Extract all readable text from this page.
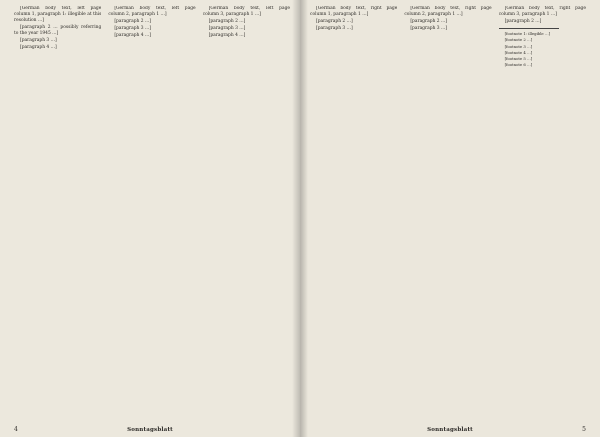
[German body text, left page column 1, paragraph 1: illegible at this resolution …]

[paragraph 2 … possibly referring to the year 1945 …]

[paragraph 3 …]

[paragraph 4 …]

[German body text, left page column 2, paragraph 1 …]

[paragraph 2 …]

[paragraph 3 …]

[paragraph 4 …]

[German body text, left page column 3, paragraph 1 …]

[paragraph 2 …]

[paragraph 3 …]

[paragraph 4 …]

4	Sonntagsblatt

[German body text, right page column 1, paragraph 1 …]

[paragraph 2 …]

[paragraph 3 …]

[German body text, right page column 2, paragraph 1 …]

[paragraph 2 …]

[paragraph 3 …]

[German body text, right page column 3, paragraph 1 …]

[paragraph 2 …]

[footnote 1: illegible …]

[footnote 2 …]

[footnote 3 …]

[footnote 4 …]

[footnote 5 …]

[footnote 6 …]

5
Sonntagsblatt
